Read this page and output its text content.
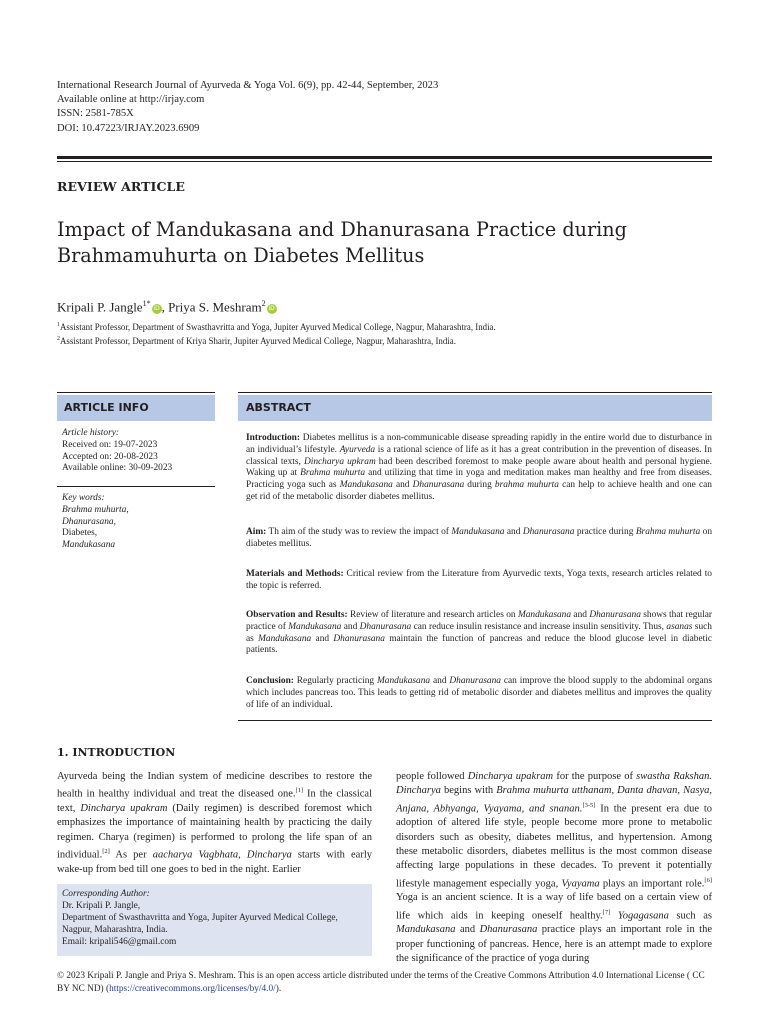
International Research Journal of Ayurveda & Yoga Vol. 6(9), pp. 42-44, September, 2023
Available online at http://irjay.com
ISSN: 2581-785X
DOI: 10.47223/IRJAY.2023.6909
REVIEW ARTICLE
Impact of Mandukasana and Dhanurasana Practice during
Brahmamuhurta on Diabetes Mellitus
Kripali P. Jangle$^{1*}$iD , Priya S. Meshram$^2$iD
$^1$Assistant Professor, Department of Swasthavritta and Yoga, Jupiter Ayurved Medical College, Nagpur, Maharashtra, India.
$^2$Assistant Professor, Department of Kriya Sharir, Jupiter Ayurved Medical College, Nagpur, Maharashtra, India.
ARTICLE INFO
Article history:
Received on: 19-07-2023
Accepted on: 20-08-2023
Available online: 30-09-2023
Key words:
Brahma muhurta,
Dhanurasana,
Diabetes,
Mandukasana
ABSTRACT
Introduction: Diabetes mellitus is a non-communicable disease spreading rapidly in the entire world due to disturbance in an individual’s lifestyle. Ayurveda is a rational science of life as it has a great contribution in the prevention of diseases. In classical texts, Dincharya upkram had been described foremost to make people aware about health and personal hygiene. Waking up at Brahma muhurta and utilizing that time in yoga and meditation makes man healthy and free from diseases. Practicing yoga such as Mandukasana and Dhanurasana during brahma muhurta can help to achieve health and one can get rid of the metabolic disorder diabetes mellitus.
Aim: Th aim of the study was to review the impact of Mandukasana and Dhanurasana practice during Brahma muhurta on diabetes mellitus.
Materials and Methods: Critical review from the Literature from Ayurvedic texts, Yoga texts, research articles related to the topic is referred.
Observation and Results: Review of literature and research articles on Mandukasana and Dhanurasana shows that regular practice of Mandukasana and Dhanurasana can reduce insulin resistance and increase insulin sensitivity. Thus, asanas such as Mandukasana and Dhanurasana maintain the function of pancreas and reduce the blood glucose level in diabetic patients.
Conclusion: Regularly practicing Mandukasana and Dhanurasana can improve the blood supply to the abdominal organs which includes pancreas too. This leads to getting rid of metabolic disorder and diabetes mellitus and improves the quality of life of an individual.
1. INTRODUCTION
Ayurveda being the Indian system of medicine describes to restore the health in healthy individual and treat the diseased one.[1] In the classical text, Dincharya upakram (Daily regimen) is described foremost which emphasizes the importance of maintaining health by practicing the daily regimen. Charya (regimen) is performed to prolong the life span of an individual.[2] As per aacharya Vagbhata, Dincharya starts with early wake-up from bed till one goes to bed in the night. Earlier
people followed Dincharya upakram for the purpose of swastha Rakshan. Dincharya begins with Brahma muhurta utthanam, Danta dhavan, Nasya, Anjana, Abhyanga, Vyayama, and snanan.[3-5] In the present era due to adoption of altered life style, people become more prone to metabolic disorders such as obesity, diabetes mellitus, and hypertension. Among these metabolic disorders, diabetes mellitus is the most common disease affecting large populations in these decades. To prevent it potentially lifestyle management especially yoga, Vyayama plays an important role.[6] Yoga is an ancient science. It is a way of life based on a certain view of life which aids in keeping oneself healthy.[7] Yogagasana such as Mandukasana and Dhanurasana practice plays an important role in the proper functioning of pancreas. Hence, here is an attempt made to explore the significance of the practice of yoga during
Corresponding Author:
Dr. Kripali P. Jangle,
Department of Swasthavritta and Yoga, Jupiter Ayurved Medical College,
Nagpur, Maharashtra, India.
Email: kripali546@gmail.com
© 2023 Kripali P. Jangle and Priya S. Meshram. This is an open access article distributed under the terms of the Creative Commons Attribution 4.0 International License ( CC BY NC ND) (https://creativecommons.org/licenses/by/4.0/).
